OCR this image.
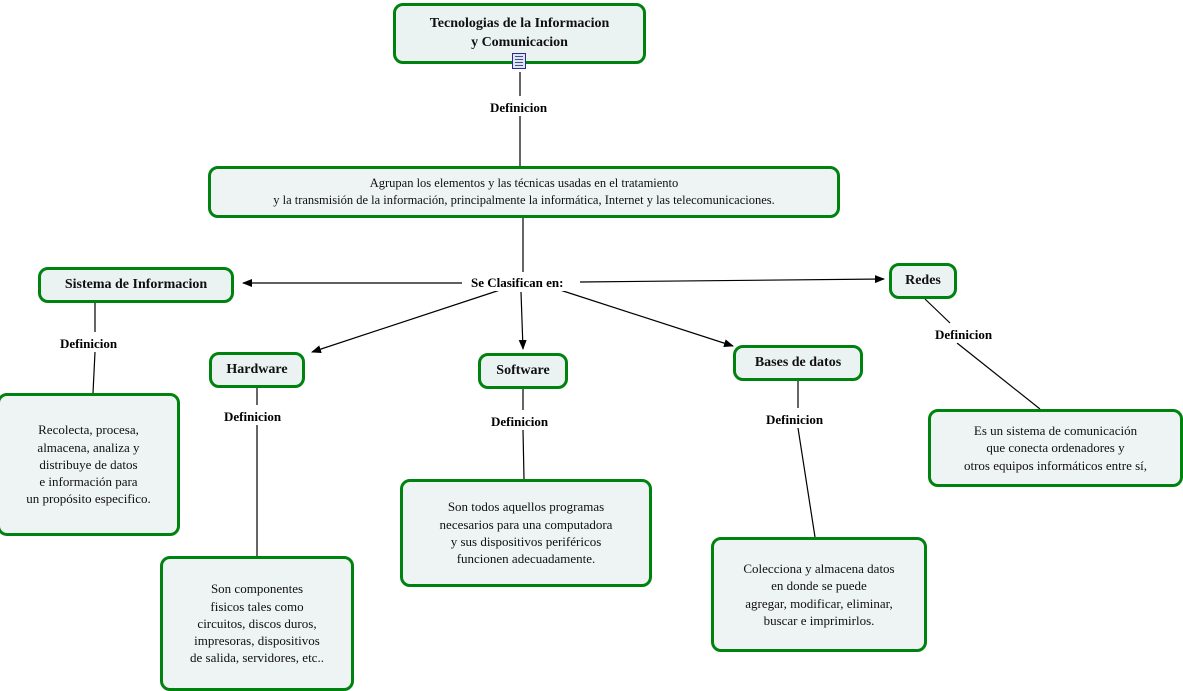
Tecnologias de la Informacion
y Comunicacion
Agrupan los elementos y las técnicas usadas en el tratamiento
y la transmisión de la información, principalmente la informática, Internet y las telecomunicaciones.
Sistema de Informacion
Hardware	Software
Bases de datos
Redes
Recolecta, procesa,
almacena, analiza y
distribuye de datos
e información para
un propósito especifico.
Son componentes
fisicos tales como
circuitos, discos duros,
impresoras, dispositivos
de salida, servidores, etc..
Son todos aquellos programas
necesarios para una computadora
y sus dispositivos periféricos
funcionen adecuadamente.
Colecciona y almacena datos
en donde se puede
agregar, modificar, eliminar,
buscar e imprimirlos.
Es un sistema de comunicación
que conecta ordenadores y
otros equipos informáticos entre sí,
Definicion
Se Clasifican en:
Definicion
Definicion	Definicion	Definicion
Definicion
